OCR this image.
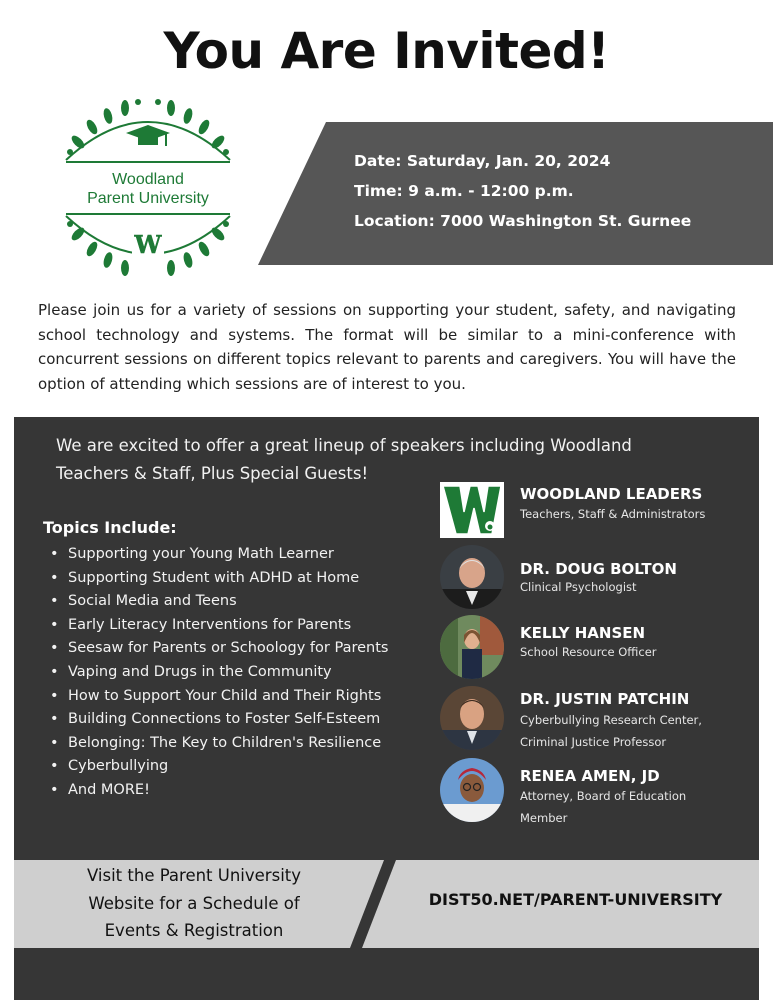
You Are Invited!
W
Woodland
Parent University
Date: Saturday, Jan. 20, 2024
Time: 9 a.m. - 12:00 p.m.
Location: 7000 Washington St. Gurnee
Please join us for a variety of sessions on supporting your student, safety, and navigating school technology and systems. The format will be similar to a mini-conference with concurrent sessions on different topics relevant to parents and caregivers. You will have the option of attending which sessions are of interest to you.
We are excited to offer a great lineup of speakers including Woodland
Teachers & Staff, Plus Special Guests!
Topics Include:
• Supporting your Young Math Learner
• Supporting Student with ADHD at Home
• Social Media and Teens
• Early Literacy Interventions for Parents
• Seesaw for Parents or Schoology for Parents
• Vaping and Drugs in the Community
• How to Support Your Child and Their Rights
• Building Connections to Foster Self-Esteem
• Belonging: The Key to Children's Resilience
• Cyberbullying
• And MORE!
WOODLAND LEADERS
Teachers, Staff & Administrators
DR. DOUG BOLTON
Clinical Psychologist
KELLY HANSEN
School Resource Officer
DR. JUSTIN PATCHIN
Cyberbullying Research Center,
Criminal Justice Professor
RENEA AMEN, JD
Attorney, Board of Education
Member
Visit the Parent University
Website for a Schedule of
Events & Registration
DIST50.NET/PARENT-UNIVERSITY
